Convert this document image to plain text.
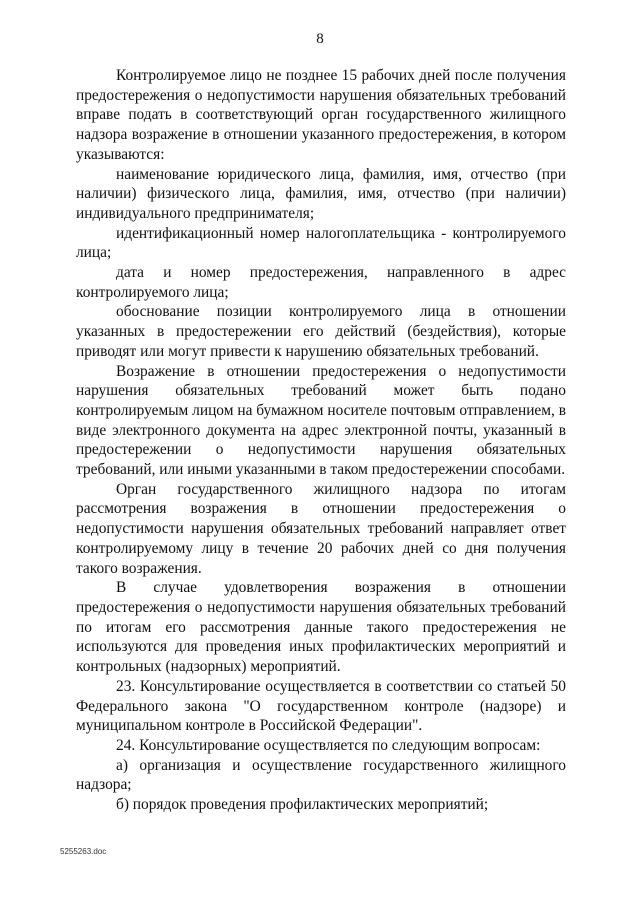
8

Контролируемое лицо не позднее 15 рабочих дней после получения предостережения о недопустимости нарушения обязательных требований вправе подать в соответствующий орган государственного жилищного надзора возражение в отношении указанного предостережения, в котором указываются:

наименование юридического лица, фамилия, имя, отчество (при наличии) физического лица, фамилия, имя, отчество (при наличии) индивидуального предпринимателя;

идентификационный номер налогоплательщика - контролируемого лица;

дата и номер предостережения, направленного в адрес контролируемого лица;

обоснование позиции контролируемого лица в отношении указанных в предостережении его действий (бездействия), которые приводят или могут привести к нарушению обязательных требований.

Возражение в отношении предостережения о недопустимости нарушения обязательных требований может быть подано контролируемым лицом на бумажном носителе почтовым отправлением, в виде электронного документа на адрес электронной почты, указанный в предостережении о недопустимости нарушения обязательных требований, или иными указанными в таком предостережении способами.

Орган государственного жилищного надзора по итогам рассмотрения возражения в отношении предостережения о недопустимости нарушения обязательных требований направляет ответ контролируемому лицу в течение 20 рабочих дней со дня получения такого возражения.

В случае удовлетворения возражения в отношении предостережения о недопустимости нарушения обязательных требований по итогам его рассмотрения данные такого предостережения не используются для проведения иных профилактических мероприятий и контрольных (надзорных) мероприятий.

23. Консультирование осуществляется в соответствии со статьей 50 Федерального закона "О государственном контроле (надзоре) и муниципальном контроле в Российской Федерации".

24. Консультирование осуществляется по следующим вопросам:

а) организация и осуществление государственного жилищного надзора;

б) порядок проведения профилактических мероприятий;

5255263.doc
